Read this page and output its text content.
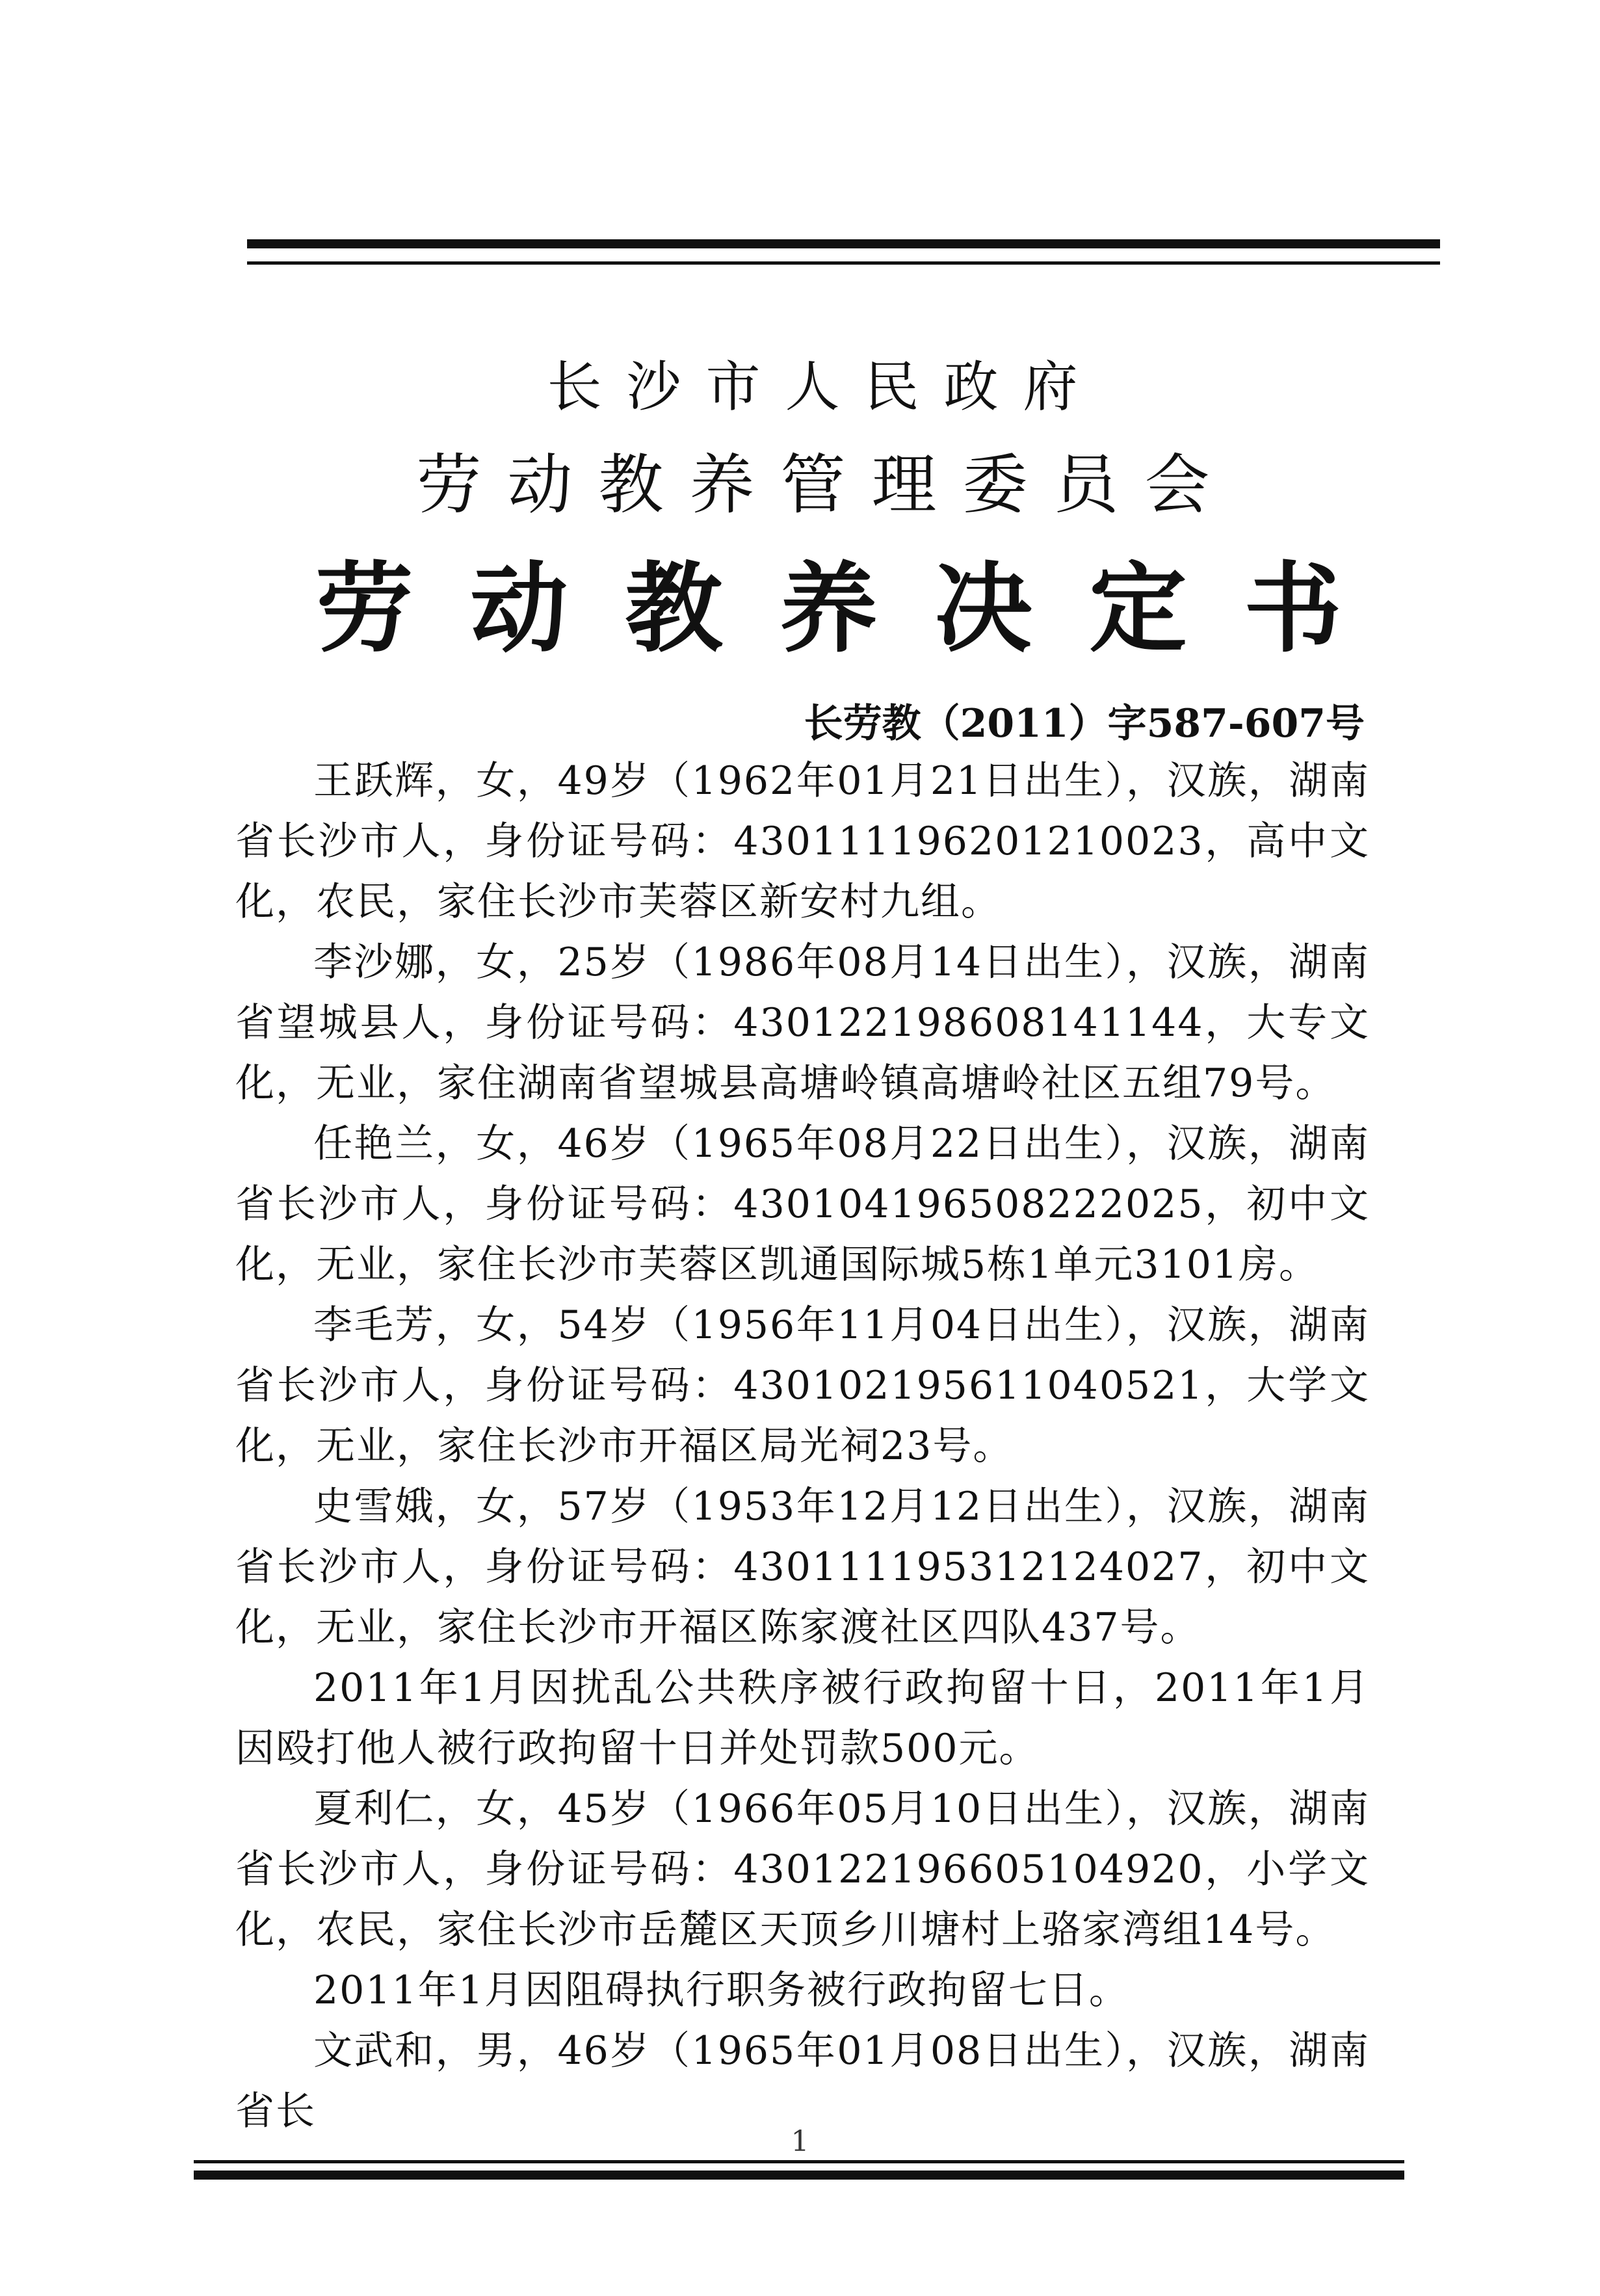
长沙市人民政府
劳动教养管理委员会
劳动教养决定书
长劳教（2011）字587-607号

王跃辉，女，49岁（1962年01月21日出生），汉族，湖南省长沙市人，身份证号码：430111196201210023，高中文化，农民，家住长沙市芙蓉区新安村九组。

李沙娜，女，25岁（1986年08月14日出生），汉族，湖南省望城县人，身份证号码：430122198608141144，大专文化，无业，家住湖南省望城县高塘岭镇高塘岭社区五组79号。

任艳兰，女，46岁（1965年08月22日出生），汉族，湖南省长沙市人，身份证号码：430104196508222025，初中文化，无业，家住长沙市芙蓉区凯通国际城5栋1单元3101房。

李毛芳，女，54岁（1956年11月04日出生），汉族，湖南省长沙市人，身份证号码：430102195611040521，大学文化，无业，家住长沙市开福区局光祠23号。

史雪娥，女，57岁（1953年12月12日出生），汉族，湖南省长沙市人，身份证号码：430111195312124027，初中文化，无业，家住长沙市开福区陈家渡社区四队437号。

2011年1月因扰乱公共秩序被行政拘留十日，2011年1月因殴打他人被行政拘留十日并处罚款500元。

夏利仁，女，45岁（1966年05月10日出生），汉族，湖南省长沙市人，身份证号码：430122196605104920，小学文化，农民，家住长沙市岳麓区天顶乡川塘村上骆家湾组14号。

2011年1月因阻碍执行职务被行政拘留七日。

文武和，男，46岁（1965年01月08日出生），汉族，湖南省长

1
